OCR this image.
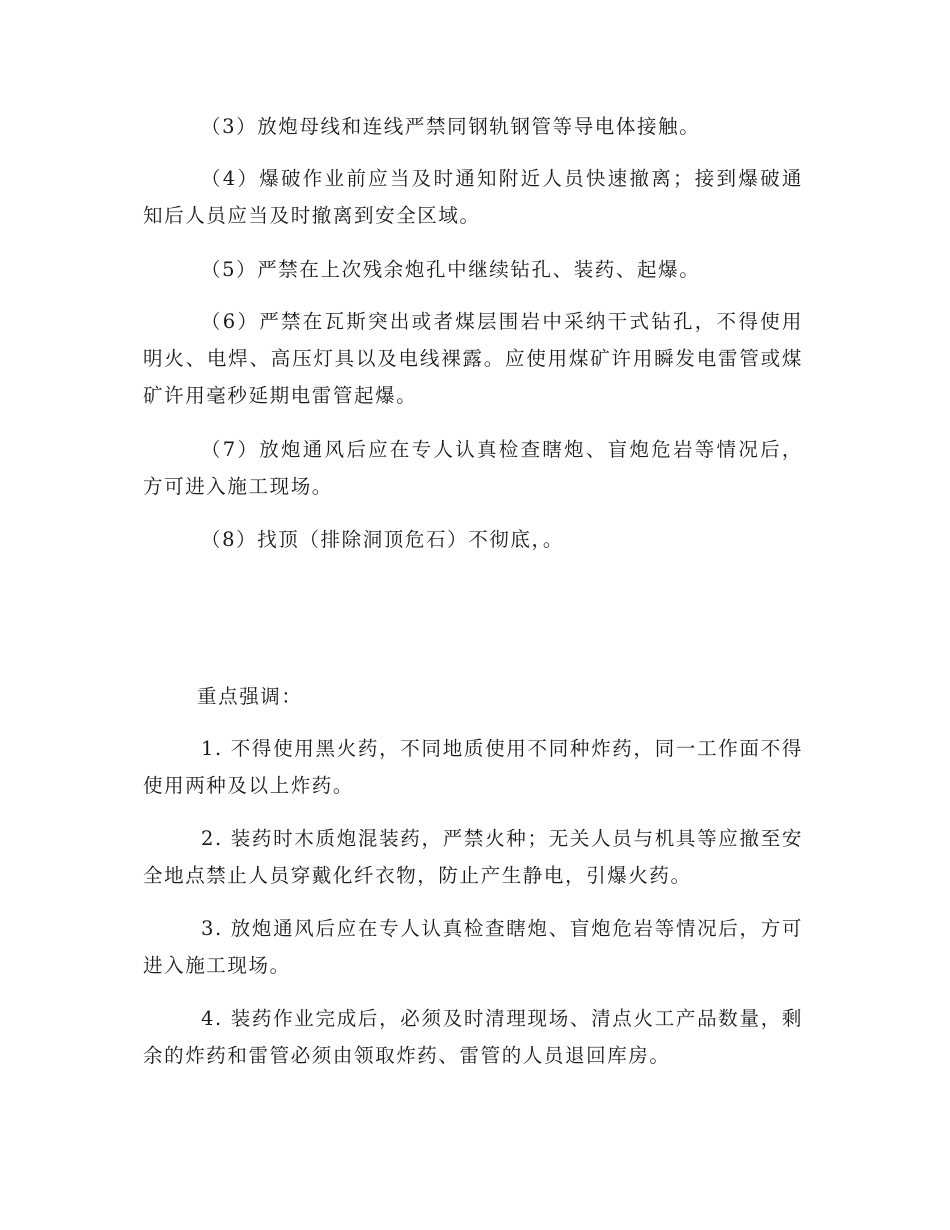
（3）放炮母线和连线严禁同钢轨钢管等导电体接触。

（4）爆破作业前应当及时通知附近人员快速撤离；接到爆破通知后人员应当及时撤离到安全区域。

（5）严禁在上次残余炮孔中继续钻孔、装药、起爆。

（6）严禁在瓦斯突出或者煤层围岩中采纳干式钻孔，不得使用明火、电焊、高压灯具以及电线裸露。应使用煤矿许用瞬发电雷管或煤矿许用毫秒延期电雷管起爆。

（7）放炮通风后应在专人认真检查瞎炮、盲炮危岩等情况后，方可进入施工现场。

（8）找顶（排除洞顶危石）不彻底，。

重点强调：

1. 不得使用黑火药，不同地质使用不同种炸药，同一工作面不得使用两种及以上炸药。

2. 装药时木质炮混装药，严禁火种；无关人员与机具等应撤至安全地点禁止人员穿戴化纤衣物，防止产生静电，引爆火药。

3. 放炮通风后应在专人认真检查瞎炮、盲炮危岩等情况后，方可进入施工现场。

4. 装药作业完成后，必须及时清理现场、清点火工产品数量，剩余的炸药和雷管必须由领取炸药、雷管的人员退回库房。
